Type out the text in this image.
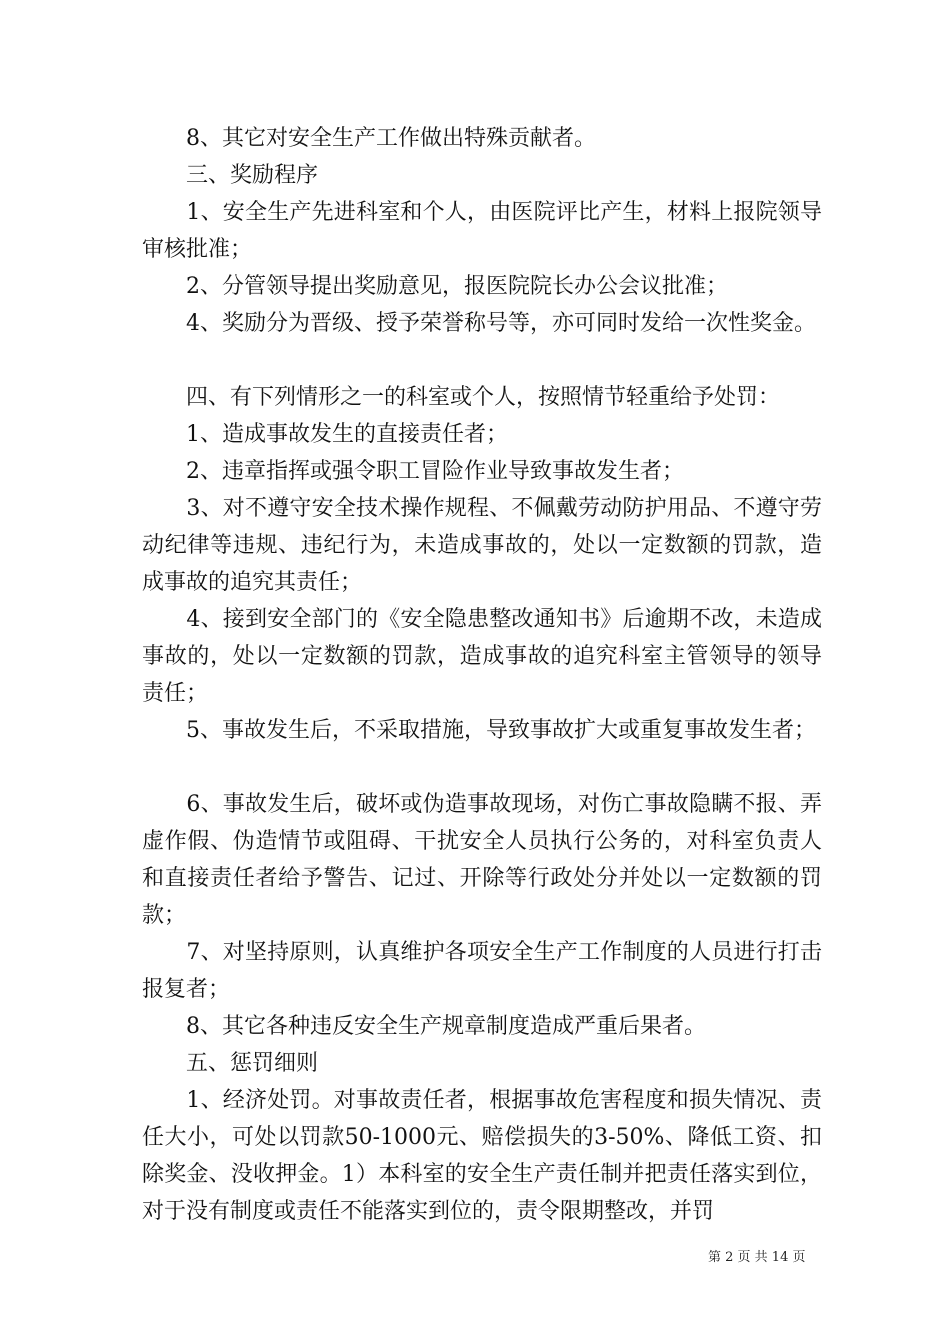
　　8、其它对安全生产工作做出特殊贡献者。

　　三、奖励程序

　　1、安全生产先进科室和个人，由医院评比产生，材料上报院领导审核批准；

　　2、分管领导提出奖励意见，报医院院长办公会议批准；

　　4、奖励分为晋级、授予荣誉称号等，亦可同时发给一次性奖金。

　　四、有下列情形之一的科室或个人，按照情节轻重给予处罚：

　　1、造成事故发生的直接责任者；

　　2、违章指挥或强令职工冒险作业导致事故发生者；

　　3、对不遵守安全技术操作规程、不佩戴劳动防护用品、不遵守劳动纪律等违规、违纪行为，未造成事故的，处以一定数额的罚款，造成事故的追究其责任；

　　4、接到安全部门的《安全隐患整改通知书》后逾期不改，未造成事故的，处以一定数额的罚款，造成事故的追究科室主管领导的领导责任；

　　5、事故发生后，不采取措施，导致事故扩大或重复事故发生者；

　　6、事故发生后，破坏或伪造事故现场，对伤亡事故隐瞒不报、弄虚作假、伪造情节或阻碍、干扰安全人员执行公务的，对科室负责人和直接责任者给予警告、记过、开除等行政处分并处以一定数额的罚款；

　　7、对坚持原则，认真维护各项安全生产工作制度的人员进行打击报复者；

　　8、其它各种违反安全生产规章制度造成严重后果者。

　　五、惩罚细则

　　1、经济处罚。对事故责任者，根据事故危害程度和损失情况、责任大小，可处以罚款50-1000元、赔偿损失的3-50%、降低工资、扣除奖金、没收押金。1）本科室的安全生产责任制并把责任落实到位，对于没有制度或责任不能落实到位的，责令限期整改，并罚

第 2 页 共 14 页
